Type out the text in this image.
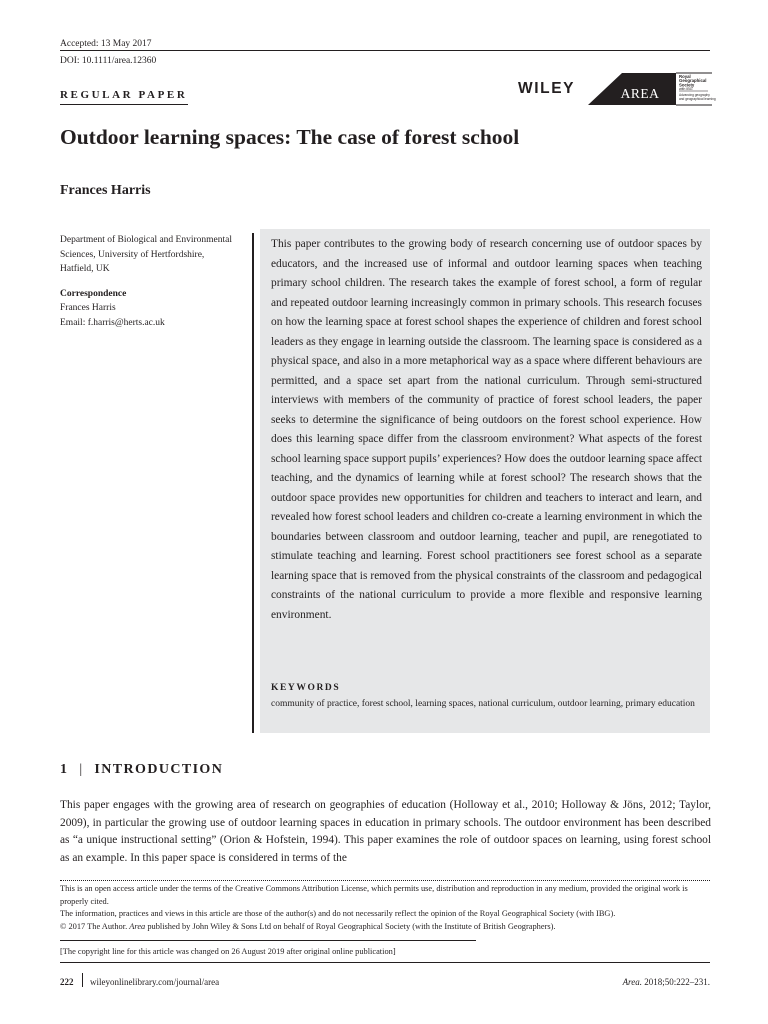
Accepted: 13 May 2017
DOI: 10.1111/area.12360
WILEY	AREA
Royal
Geographical
Society
with IBG
Advancing geography
and geographical learning
REGULAR PAPER
Outdoor learning spaces: The case of forest school
Frances Harris
Department of Biological and Environmental Sciences, University of Hertfordshire, Hatfield, UK
Correspondence
Frances Harris
Email: f.harris@herts.ac.uk
This paper contributes to the growing body of research concerning use of outdoor spaces by educators, and the increased use of informal and outdoor learning spaces when teaching primary school children. The research takes the example of forest school, a form of regular and repeated outdoor learning increasingly common in primary schools. This research focuses on how the learning space at forest school shapes the experience of children and forest school leaders as they engage in learning outside the classroom. The learning space is considered as a physical space, and also in a more metaphorical way as a space where different behaviours are permitted, and a space set apart from the national curriculum. Through semi-structured interviews with members of the community of practice of forest school leaders, the paper seeks to determine the significance of being outdoors on the forest school experience. How does this learning space differ from the classroom environment? What aspects of the forest school learning space support pupils’ experiences? How does the outdoor learning space affect teaching, and the dynamics of learning while at forest school? The research shows that the outdoor space provides new opportunities for children and teachers to interact and learn, and revealed how forest school leaders and children co-create a learning environment in which the boundaries between classroom and outdoor learning, teacher and pupil, are renegotiated to stimulate teaching and learning. Forest school practitioners see forest school as a separate learning space that is removed from the physical constraints of the classroom and pedagogical constraints of the national curriculum to provide a more flexible and responsive learning environment.
KEYWORDS
community of practice, forest school, learning spaces, national curriculum, outdoor learning, primary education
1 | INTRODUCTION
This paper engages with the growing area of research on geographies of education (Holloway et al., 2010; Holloway & Jöns, 2012; Taylor, 2009), in particular the growing use of outdoor learning spaces in education in primary schools. The outdoor environment has been described as “a unique instructional setting” (Orion & Hofstein, 1994). This paper examines the role of outdoor spaces on learning, using forest school as an example. In this paper space is considered in terms of the
This is an open access article under the terms of the Creative Commons Attribution License, which permits use, distribution and reproduction in any medium, provided the original work is properly cited.
The information, practices and views in this article are those of the author(s) and do not necessarily reflect the opinion of the Royal Geographical Society (with IBG).
© 2017 The Author. Area published by John Wiley & Sons Ltd on behalf of Royal Geographical Society (with the Institute of British Geographers).
[The copyright line for this article was changed on 26 August 2019 after original online publication]
222 wileyonlinelibrary.com/journal/area	Area. 2018;50:222–231.
